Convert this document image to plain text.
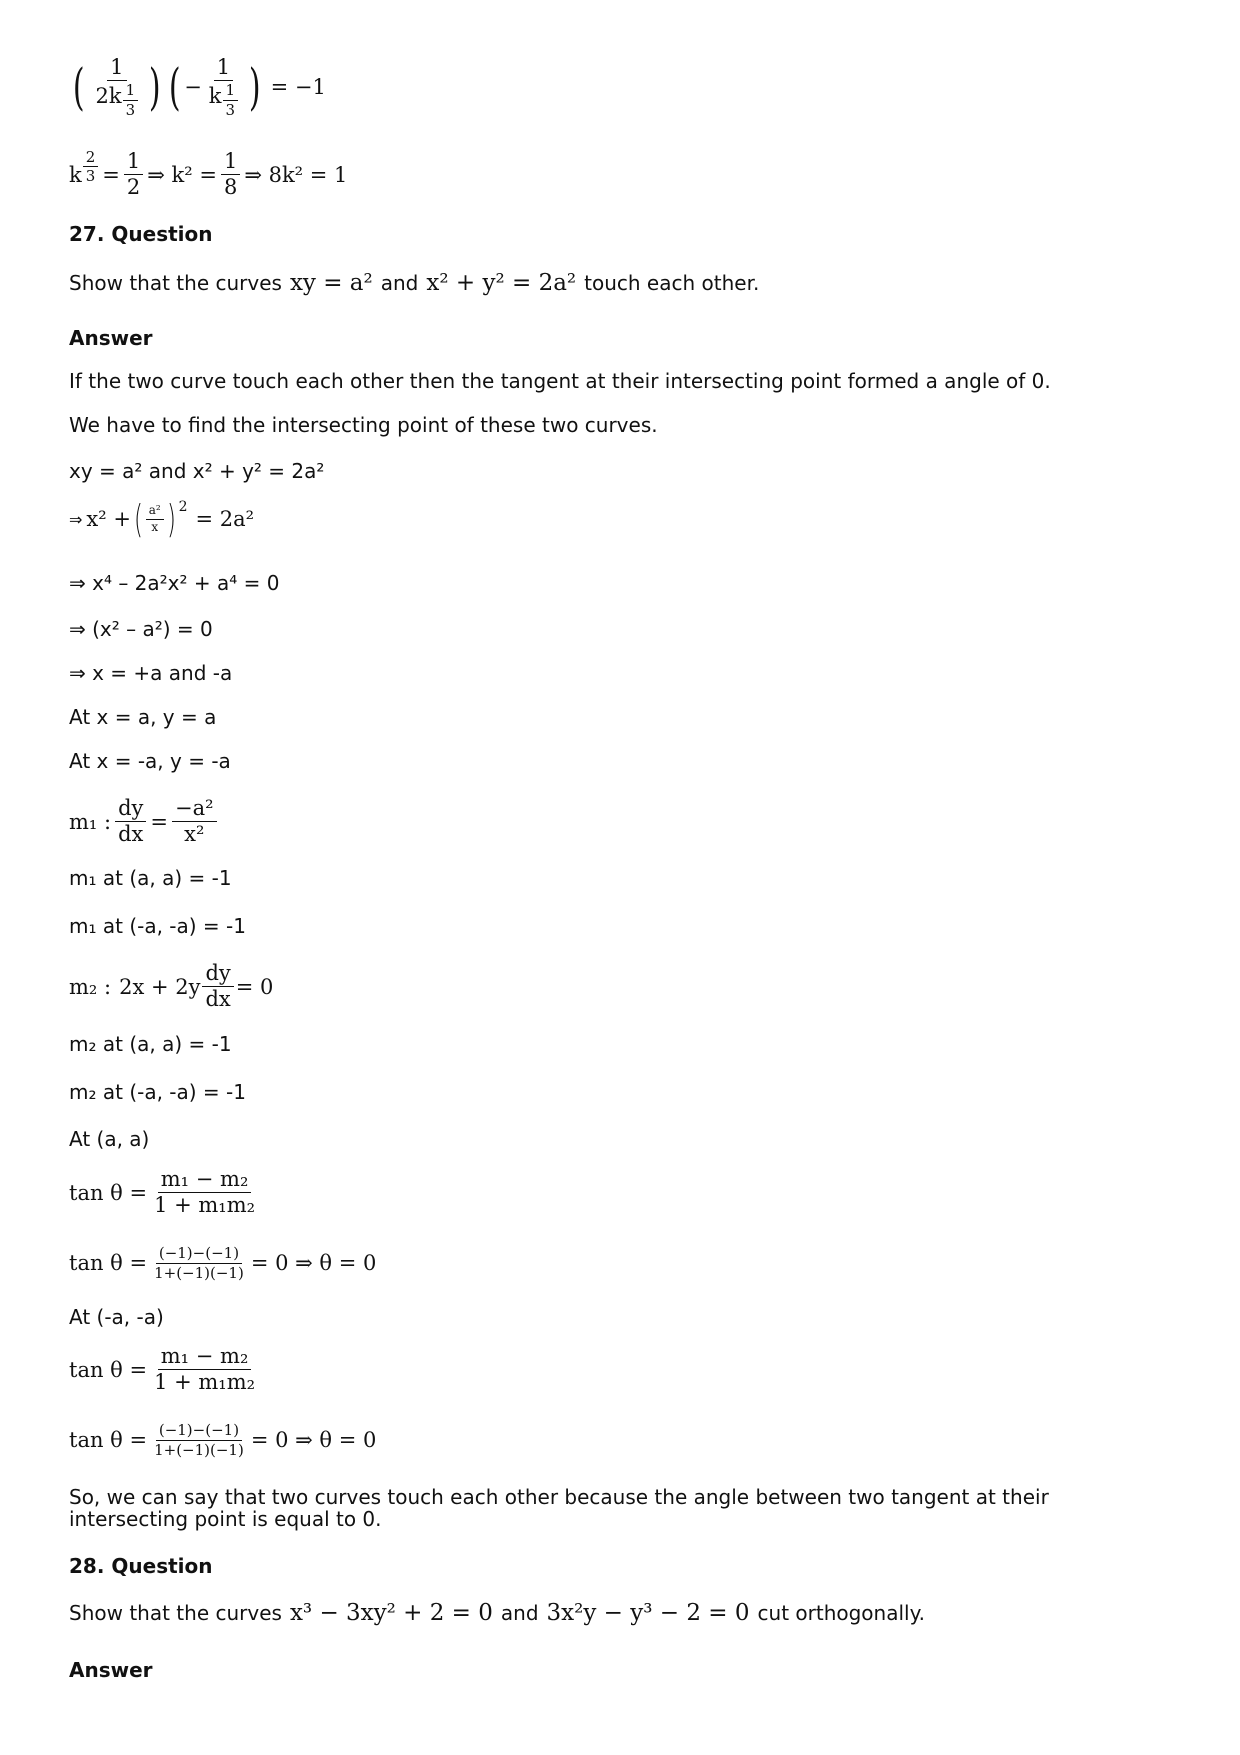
( $\frac{1}{2k \frac{1}{3}}$ ) ( − $\frac{1}{k \frac{1}{3}}$ ) = −1
k $\frac{2}{3} = \frac{1}{2}$ ⇒ $k^2 = \frac{1}{8}$ ⇒ 8k² = 1
27. Question
Show that the curves xy = a² and x² + y² = 2a² touch each other.
Answer
If the two curve touch each other then the tangent at their intersecting point formed a angle of 0.
We have to find the intersecting point of these two curves.
xy = a² and x² + y² = 2a²
⇒ x² + ( $\frac{\text{a²}}{x}$ ) 2 = 2a²
⇒ x⁴ – 2a²x² + a⁴ = 0
⇒ (x² – a²) = 0
⇒ x = +a and -a
At x = a, y = a
At x = -a, y = -a
m₁ : $\frac{dy}{dx} = \frac{\text{−a²}}{\text{x²}}$
m₁ at (a, a) = -1
m₁ at (-a, -a) = -1
m₂ : $2x + 2y \frac{dy}{dx} = 0$
m₂ at (a, a) = -1
m₂ at (-a, -a) = -1
At (a, a)
$\tan \theta = \frac{\text{m₁ − m₂}}{\text{1 + m₁m₂}}$
$\tan \theta = \frac{(-1)-(-1)}{1+(-1)(-1)} = 0$ ⇒ θ = 0
At (-a, -a)
$\tan \theta = \frac{\text{m₁ − m₂}}{\text{1 + m₁m₂}}$
$\tan \theta = \frac{(-1)-(-1)}{1+(-1)(-1)} = 0$ ⇒ θ = 0
So, we can say that two curves touch each other because the angle between two tangent at their intersecting point is equal to 0.
28. Question
Show that the curves x³ − 3xy² + 2 = 0 and 3x²y − y³ − 2 = 0 cut orthogonally.
Answer
